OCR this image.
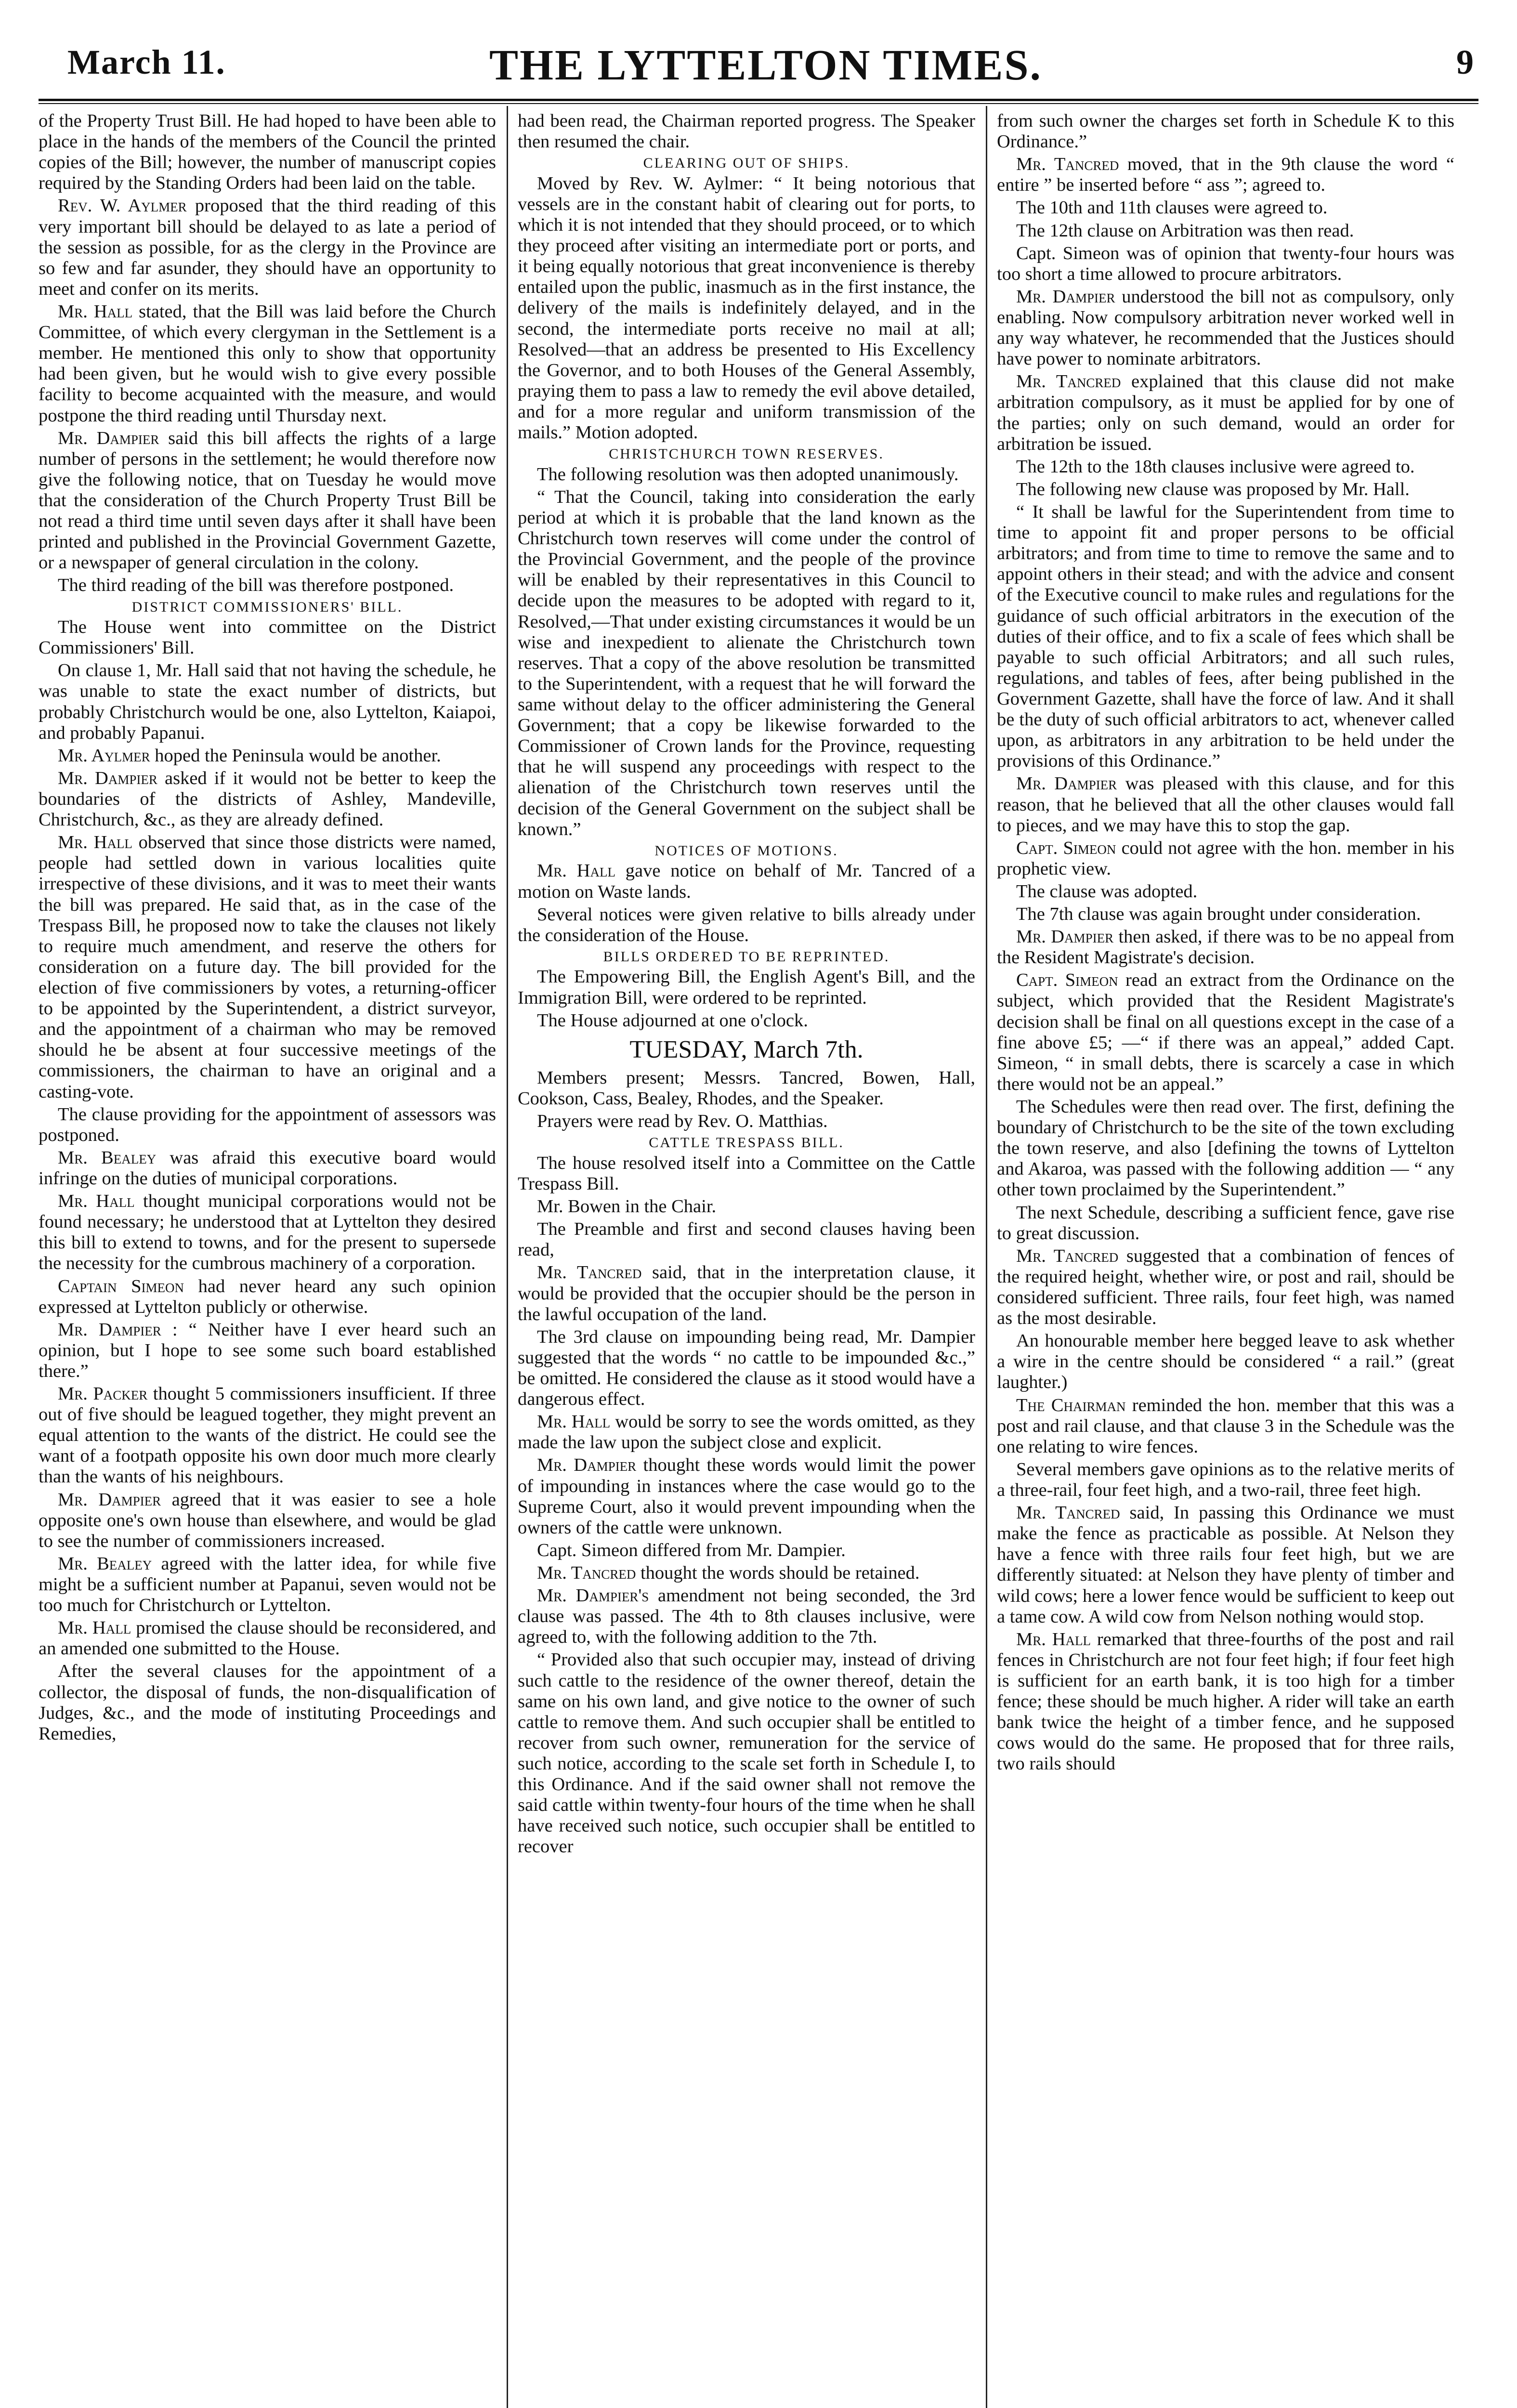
March 11.	THE LYTTELTON TIMES.	9

of the Property Trust Bill. He had hoped to have been able to place in the hands of the members of the Council the printed copies of the Bill; however, the number of manuscript copies required by the Standing Orders had been laid on the table.

Rev. W. Aylmer proposed that the third reading of this very important bill should be delayed to as late a period of the session as possible, for as the clergy in the Province are so few and far asunder, they should have an opportunity to meet and confer on its merits.

Mr. Hall stated, that the Bill was laid before the Church Committee, of which every clergyman in the Settlement is a member. He mentioned this only to show that opportunity had been given, but he would wish to give every possible facility to become acquainted with the measure, and would postpone the third reading until Thursday next.

Mr. Dampier said this bill affects the rights of a large number of persons in the settlement; he would therefore now give the following notice, that on Tuesday he would move that the consideration of the Church Property Trust Bill be not read a third time until seven days after it shall have been printed and published in the Provincial Government Gazette, or a newspaper of general circulation in the colony.

The third reading of the bill was therefore postponed.

DISTRICT COMMISSIONERS' BILL.

The House went into committee on the District Commissioners' Bill.

On clause 1, Mr. Hall said that not having the schedule, he was unable to state the exact number of districts, but probably Christchurch would be one, also Lyttelton, Kaiapoi, and probably Papanui.

Mr. Aylmer hoped the Peninsula would be another.

Mr. Dampier asked if it would not be better to keep the boundaries of the districts of Ashley, Mandeville, Christchurch, &c., as they are already defined.

Mr. Hall observed that since those districts were named, people had settled down in various localities quite irrespective of these divisions, and it was to meet their wants the bill was prepared. He said that, as in the case of the Trespass Bill, he proposed now to take the clauses not likely to require much amendment, and reserve the others for consideration on a future day. The bill provided for the election of five commissioners by votes, a returning-officer to be appointed by the Superintendent, a district surveyor, and the appointment of a chairman who may be removed should he be absent at four successive meetings of the commissioners, the chairman to have an original and a casting-vote.

The clause providing for the appointment of assessors was postponed.

Mr. Bealey was afraid this executive board would infringe on the duties of municipal corporations.

Mr. Hall thought municipal corporations would not be found necessary; he understood that at Lyttelton they desired this bill to extend to towns, and for the present to supersede the necessity for the cumbrous machinery of a corporation.

Captain Simeon had never heard any such opinion expressed at Lyttelton publicly or otherwise.

Mr. Dampier : “ Neither have I ever heard such an opinion, but I hope to see some such board established there.”

Mr. Packer thought 5 commissioners insufficient. If three out of five should be leagued together, they might prevent an equal attention to the wants of the district. He could see the want of a footpath opposite his own door much more clearly than the wants of his neighbours.

Mr. Dampier agreed that it was easier to see a hole opposite one's own house than elsewhere, and would be glad to see the number of commissioners increased.

Mr. Bealey agreed with the latter idea, for while five might be a sufficient number at Papanui, seven would not be too much for Christchurch or Lyttelton.

Mr. Hall promised the clause should be reconsidered, and an amended one submitted to the House.

After the several clauses for the appointment of a collector, the disposal of funds, the non-disqualification of Judges, &c., and the mode of instituting Proceedings and Remedies,

had been read, the Chairman reported progress. The Speaker then resumed the chair.

CLEARING OUT OF SHIPS.

Moved by Rev. W. Aylmer: “ It being notorious that vessels are in the constant habit of clearing out for ports, to which it is not intended that they should proceed, or to which they proceed after visiting an intermediate port or ports, and it being equally notorious that great inconvenience is thereby entailed upon the public, inasmuch as in the first instance, the delivery of the mails is indefinitely delayed, and in the second, the intermediate ports receive no mail at all; Resolved—that an address be presented to His Excellency the Governor, and to both Houses of the General Assembly, praying them to pass a law to remedy the evil above detailed, and for a more regular and uniform transmission of the mails.” Motion adopted.

CHRISTCHURCH TOWN RESERVES.

The following resolution was then adopted unanimously.

“ That the Council, taking into consideration the early period at which it is probable that the land known as the Christchurch town reserves will come under the control of the Provincial Government, and the people of the province will be enabled by their representatives in this Council to decide upon the measures to be adopted with regard to it, Resolved,—That under existing circumstances it would be un wise and inexpedient to alienate the Christchurch town reserves. That a copy of the above resolution be transmitted to the Superintendent, with a request that he will forward the same without delay to the officer administering the General Government; that a copy be likewise forwarded to the Commissioner of Crown lands for the Province, requesting that he will suspend any proceedings with respect to the alienation of the Christchurch town reserves until the decision of the General Government on the subject shall be known.”

NOTICES OF MOTIONS.

Mr. Hall gave notice on behalf of Mr. Tancred of a motion on Waste lands.

Several notices were given relative to bills already under the consideration of the House.

BILLS ORDERED TO BE REPRINTED.

The Empowering Bill, the English Agent's Bill, and the Immigration Bill, were ordered to be reprinted.

The House adjourned at one o'clock.

TUESDAY, March 7th.

Members present; Messrs. Tancred, Bowen, Hall, Cookson, Cass, Bealey, Rhodes, and the Speaker.

Prayers were read by Rev. O. Matthias.

CATTLE TRESPASS BILL.

The house resolved itself into a Committee on the Cattle Trespass Bill.

Mr. Bowen in the Chair.

The Preamble and first and second clauses having been read,

Mr. Tancred said, that in the interpretation clause, it would be provided that the occupier should be the person in the lawful occupation of the land.

The 3rd clause on impounding being read, Mr. Dampier suggested that the words “ no cattle to be impounded &c.,” be omitted. He considered the clause as it stood would have a dangerous effect.

Mr. Hall would be sorry to see the words omitted, as they made the law upon the subject close and explicit.

Mr. Dampier thought these words would limit the power of impounding in instances where the case would go to the Supreme Court, also it would prevent impounding when the owners of the cattle were unknown.

Capt. Simeon differed from Mr. Dampier.

Mr. Tancred thought the words should be retained.

Mr. Dampier's amendment not being seconded, the 3rd clause was passed. The 4th to 8th clauses inclusive, were agreed to, with the following addition to the 7th.

“ Provided also that such occupier may, instead of driving such cattle to the residence of the owner thereof, detain the same on his own land, and give notice to the owner of such cattle to remove them. And such occupier shall be entitled to recover from such owner, remuneration for the service of such notice, according to the scale set forth in Schedule I, to this Ordinance. And if the said owner shall not remove the said cattle within twenty-four hours of the time when he shall have received such notice, such occupier shall be entitled to recover

from such owner the charges set forth in Schedule K to this Ordinance.”

Mr. Tancred moved, that in the 9th clause the word “ entire ” be inserted before “ ass ”; agreed to.

The 10th and 11th clauses were agreed to.

The 12th clause on Arbitration was then read.

Capt. Simeon was of opinion that twenty-four hours was too short a time allowed to procure arbitrators.

Mr. Dampier understood the bill not as compulsory, only enabling. Now compulsory arbitration never worked well in any way whatever, he recommended that the Justices should have power to nominate arbitrators.

Mr. Tancred explained that this clause did not make arbitration compulsory, as it must be applied for by one of the parties; only on such demand, would an order for arbitration be issued.

The 12th to the 18th clauses inclusive were agreed to.

The following new clause was proposed by Mr. Hall.

“ It shall be lawful for the Superintendent from time to time to appoint fit and proper persons to be official arbitrators; and from time to time to remove the same and to appoint others in their stead; and with the advice and consent of the Executive council to make rules and regulations for the guidance of such official arbitrators in the execution of the duties of their office, and to fix a scale of fees which shall be payable to such official Arbitrators; and all such rules, regulations, and tables of fees, after being published in the Government Gazette, shall have the force of law. And it shall be the duty of such official arbitrators to act, whenever called upon, as arbitrators in any arbitration to be held under the provisions of this Ordinance.”

Mr. Dampier was pleased with this clause, and for this reason, that he believed that all the other clauses would fall to pieces, and we may have this to stop the gap.

Capt. Simeon could not agree with the hon. member in his prophetic view.

The clause was adopted.

The 7th clause was again brought under consideration.

Mr. Dampier then asked, if there was to be no appeal from the Resident Magistrate's decision.

Capt. Simeon read an extract from the Ordinance on the subject, which provided that the Resident Magistrate's decision shall be final on all questions except in the case of a fine above £5; —“ if there was an appeal,” added Capt. Simeon, “ in small debts, there is scarcely a case in which there would not be an appeal.”

The Schedules were then read over. The first, defining the boundary of Christchurch to be the site of the town excluding the town reserve, and also [defining the towns of Lyttelton and Akaroa, was passed with the following addition — “ any other town proclaimed by the Superintendent.”

The next Schedule, describing a sufficient fence, gave rise to great discussion.

Mr. Tancred suggested that a combination of fences of the required height, whether wire, or post and rail, should be considered sufficient. Three rails, four feet high, was named as the most desirable.

An honourable member here begged leave to ask whether a wire in the centre should be considered “ a rail.” (great laughter.)

The Chairman reminded the hon. member that this was a post and rail clause, and that clause 3 in the Schedule was the one relating to wire fences.

Several members gave opinions as to the relative merits of a three-rail, four feet high, and a two-rail, three feet high.

Mr. Tancred said, In passing this Ordinance we must make the fence as practicable as possible. At Nelson they have a fence with three rails four feet high, but we are differently situated: at Nelson they have plenty of timber and wild cows; here a lower fence would be sufficient to keep out a tame cow. A wild cow from Nelson nothing would stop.

Mr. Hall remarked that three-fourths of the post and rail fences in Christchurch are not four feet high; if four feet high is sufficient for an earth bank, it is too high for a timber fence; these should be much higher. A rider will take an earth bank twice the height of a timber fence, and he supposed cows would do the same. He proposed that for three rails, two rails should
